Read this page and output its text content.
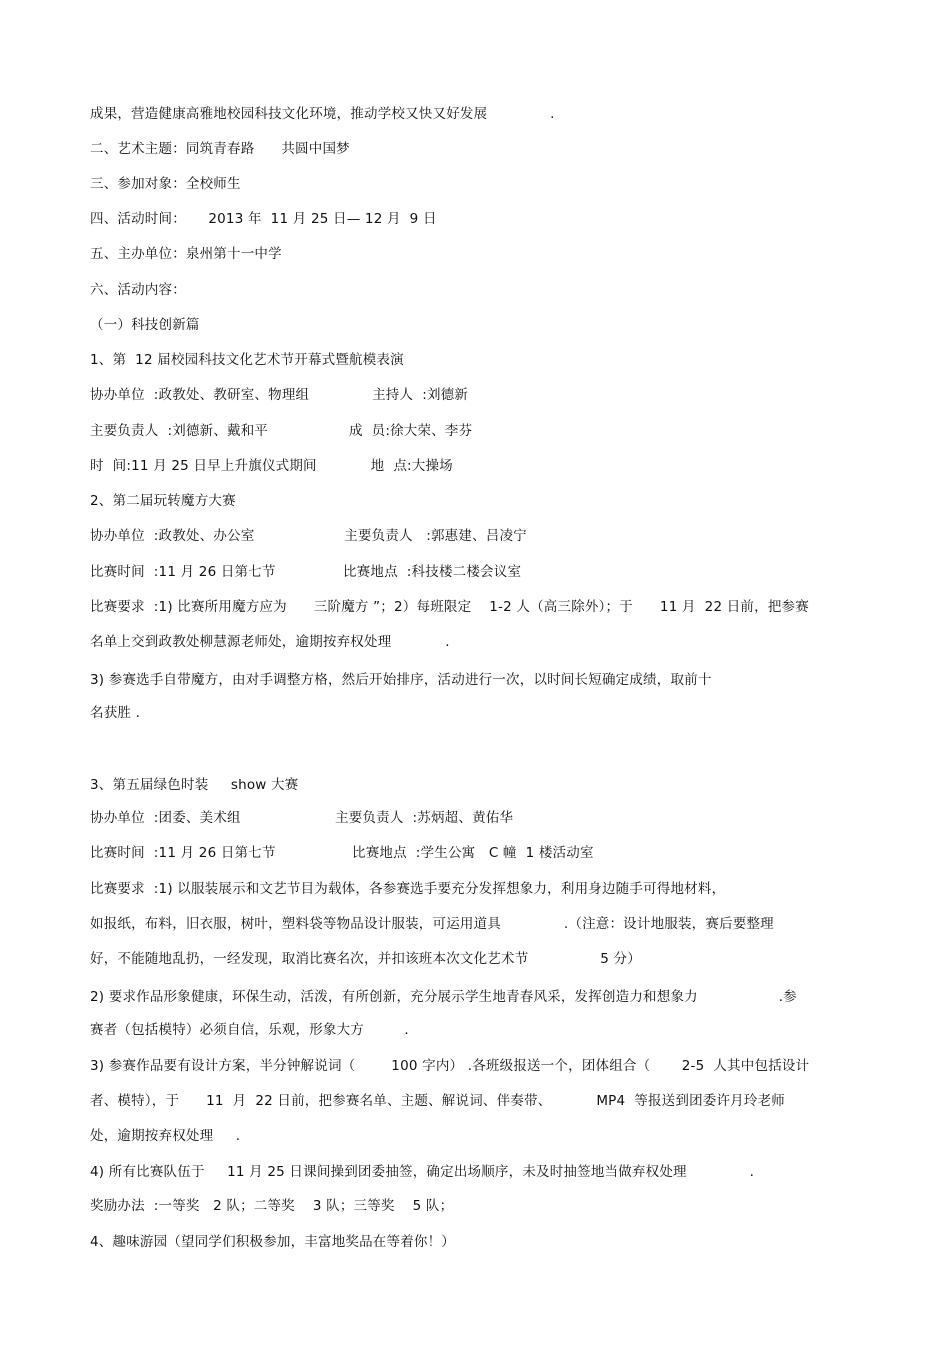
成果，营造健康高雅地校园科技文化环境，推动学校又快又好发展              .
二、艺术主题：同筑青春路      共圆中国梦
三、参加对象：全校师生
四、活动时间：     2013 年  11 月 25 日— 12 月  9 日
五、主办单位：泉州第十一中学
六、活动内容：
（一）科技创新篇
1、第  12 届校园科技文化艺术节开幕式暨航模表演
协办单位  :政教处、教研室、物理组              主持人  :刘德新
主要负责人  :刘德新、戴和平                  成  员:徐大荣、李芬
时  间:11 月 25 日早上升旗仪式期间            地  点:大操场
2、第二届玩转魔方大赛
协办单位  :政教处、办公室                    主要负责人   :郭惠建、吕凌宁
比赛时间  :11 月 26 日第七节               比赛地点  :科技楼二楼会议室
比赛要求  :1) 比赛所用魔方应为      三阶魔方 ”；2）每班限定    1-2 人（高三除外）；于      11 月  22 日前，把参赛
名单上交到政教处柳慧源老师处，逾期按弃权处理            .
3) 参赛选手自带魔方，由对手调整方格，然后开始排序，活动进行一次，以时间长短确定成绩，取前十
名获胜 .
3、第五届绿色时装     show 大赛
协办单位  :团委、美术组                     主要负责人  :苏炳超、黄佑华
比赛时间  :11 月 26 日第七节                 比赛地点  :学生公寓   C 幢  1 楼活动室
比赛要求  :1) 以服装展示和文艺节目为载体，各参赛选手要充分发挥想象力，利用身边随手可得地材料，
如报纸，布料，旧衣服，树叶，塑料袋等物品设计服装，可运用道具              .（注意：设计地服装，赛后要整理
好，不能随地乱扔，一经发现，取消比赛名次，并扣该班本次文化艺术节                5 分）
2) 要求作品形象健康，环保生动，活泼，有所创新，充分展示学生地青春风采，发挥创造力和想象力                  .参
赛者（包括模特）必须自信，乐观，形象大方         .
3) 参赛作品要有设计方案，半分钟解说词（        100 字内） .各班级报送一个，团体组合（       2-5  人其中包括设计
者、模特），于      11  月  22 日前，把参赛名单、主题、解说词、伴奏带、          MP4  等报送到团委许月玲老师
处，逾期按弃权处理     .
4) 所有比赛队伍于     11 月 25 日课间操到团委抽签，确定出场顺序，未及时抽签地当做弃权处理              .
奖励办法  :一等奖   2 队；二等奖    3 队；三等奖    5 队；
4、趣味游园（望同学们积极参加，丰富地奖品在等着你！）
